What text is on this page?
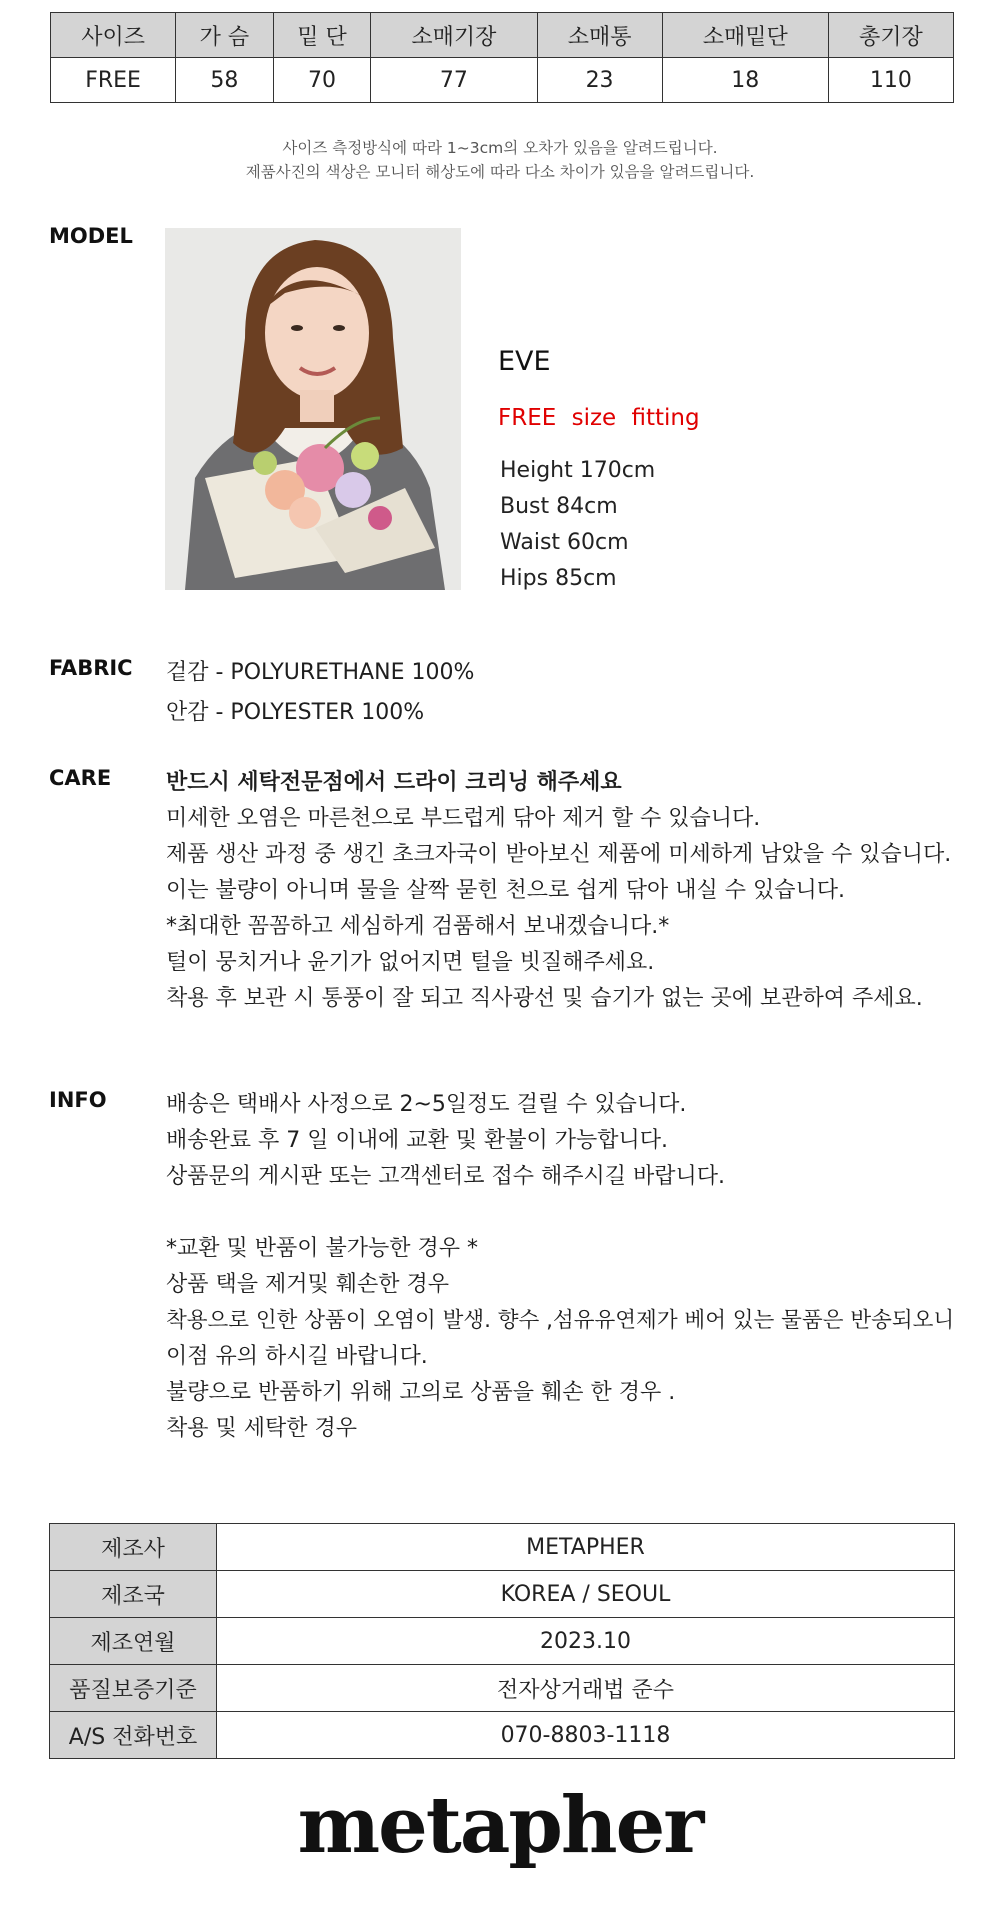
사이즈	가 슴	밑 단	소매기장	소매통	소매밑단	총기장
FREE	58	70	77	23	18	110
사이즈 측정방식에 따라 1~3cm의 오차가 있음을 알려드립니다.
제품사진의 색상은 모니터 해상도에 따라 다소 차이가 있음을 알려드립니다.
MODEL
EVE
FREE size fitting
Height 170cm
Bust 84cm
Waist 60cm
Hips 85cm
FABRIC 겉감 - POLYURETHANE 100%
안감 - POLYESTER 100%
CARE 반드시 세탁전문점에서 드라이 크리닝 해주세요
미세한 오염은 마른천으로 부드럽게 닦아 제거 할 수 있습니다.
제품 생산 과정 중 생긴 초크자국이 받아보신 제품에 미세하게 남았을 수 있습니다.
이는 불량이 아니며 물을 살짝 묻힌 천으로 쉽게 닦아 내실 수 있습니다.
*최대한 꼼꼼하고 세심하게 검품해서 보내겠습니다.*
털이 뭉치거나 윤기가 없어지면 털을 빗질해주세요.
착용 후 보관 시 통풍이 잘 되고 직사광선 및 습기가 없는 곳에 보관하여 주세요.
INFO	배송은 택배사 사정으로 2~5일정도 걸릴 수 있습니다.
배송완료 후 7 일 이내에 교환 및 환불이 가능합니다.
상품문의 게시판 또는 고객센터로 접수 해주시길 바랍니다.
*교환 및 반품이 불가능한 경우 *
상품 택을 제거및 훼손한 경우
착용으로 인한 상품이 오염이 발생. 향수 ,섬유유연제가 베어 있는 물품은 반송되오니
이점 유의 하시길 바랍니다.
불량으로 반품하기 위해 고의로 상품을 훼손 한 경우 .
착용 및 세탁한 경우
제조사	METAPHER
제조국	KOREA / SEOUL
제조연월	2023.10
품질보증기준	전자상거래법 준수
A/S 전화번호	070-8803-1118
metapher
